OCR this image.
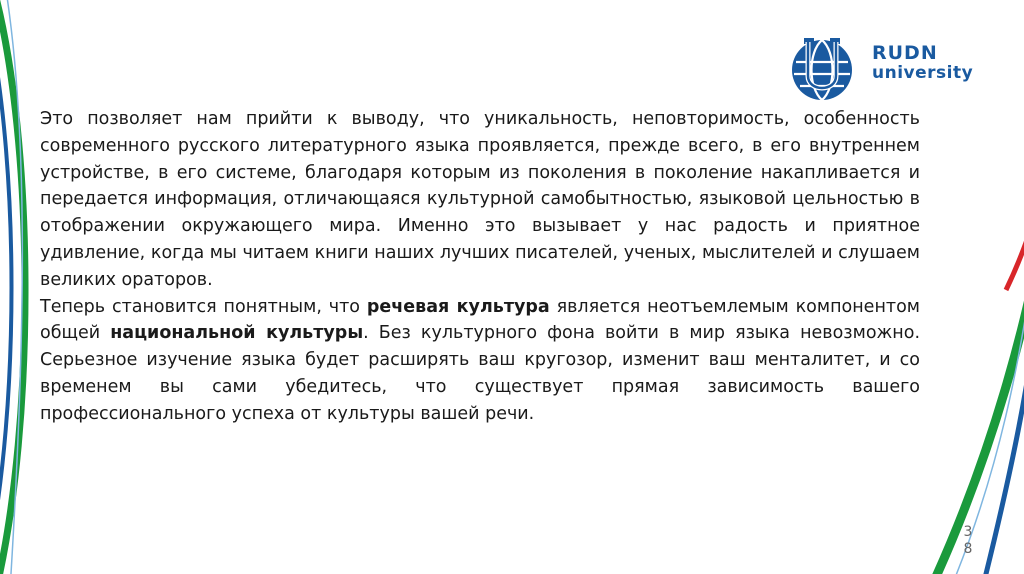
RUDN
university

Это позволяет нам прийти к выводу, что уникальность, неповторимость, особенность современного русского литературного языка проявляется, прежде всего, в его внутреннем устройстве, в его системе, благодаря которым из поколения в поколение накапливается и передается информация, отличающаяся культурной самобытностью, языковой цельностью в отображении окружающего мира. Именно это вызывает у нас радость и приятное удивление, когда мы читаем книги наших лучших писателей, ученых, мыслителей и слушаем великих ораторов.

Теперь становится понятным, что речевая культура является неотъемлемым компонентом общей национальной культуры. Без культурного фона войти в мир языка невозможно. Серьезное изучение языка будет расширять ваш кругозор, изменит ваш менталитет, и со временем вы сами убедитесь, что существует прямая зависимость вашего профессионального успеха от культуры вашей речи.

3
8
